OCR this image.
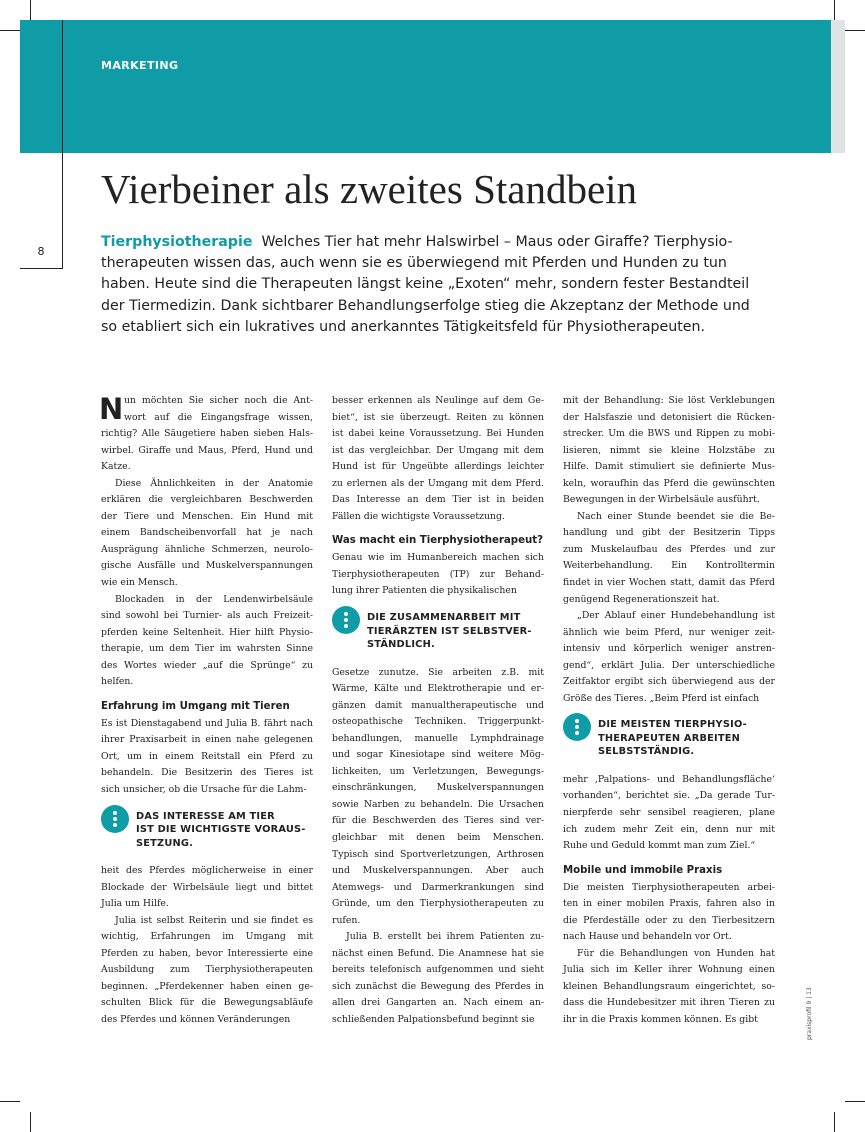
MARKETING
8
Vierbeiner als zweites Standbein
Tierphysiotherapie Welches Tier hat mehr Halswirbel – Maus oder Giraffe? Tierphysio-
therapeuten wissen das, auch wenn sie es überwiegend mit Pferden und Hunden zu tun
haben. Heute sind die Therapeuten längst keine „Exoten“ mehr, sondern fester Bestandteil
der Tiermedizin. Dank sichtbarer Behandlungserfolge stieg die Akzeptanz der Methode und
so etabliert sich ein lukratives und anerkanntes Tätigkeitsfeld für Physiotherapeuten.
N un möchten Sie sicher noch die Ant-
wort auf die Eingangsfrage wissen,
richtig? Alle Säugetiere haben sieben Hals-
wirbel. Giraffe und Maus, Pferd, Hund und
Katze.
Diese Ähnlichkeiten in der Anatomie
erklären die vergleichbaren Beschwerden
der Tiere und Menschen. Ein Hund mit
einem Bandscheibenvorfall hat je nach
Ausprägung ähnliche Schmerzen, neurolo-
gische Ausfälle und Muskelverspannungen
wie ein Mensch.
Blockaden in der Lendenwirbelsäule
sind sowohl bei Turnier- als auch Freizeit-
pferden keine Seltenheit. Hier hilft Physio-
therapie, um dem Tier im wahrsten Sinne
des Wortes wieder „auf die Sprünge“ zu
helfen.
Erfahrung im Umgang mit Tieren
Es ist Dienstagabend und Julia B. fährt nach
ihrer Praxisarbeit in einen nahe gelegenen
Ort, um in einem Reitstall ein Pferd zu
behandeln. Die Besitzerin des Tieres ist
sich unsicher, ob die Ursache für die Lahm-
DAS INTERESSE AM TIER
IST DIE WICHTIGSTE VORAUS-
SETZUNG.
heit des Pferdes möglicherweise in einer
Blockade der Wirbelsäule liegt und bittet
Julia um Hilfe.
Julia ist selbst Reiterin und sie findet es
wichtig, Erfahrungen im Umgang mit
Pferden zu haben, bevor Interessierte eine
Ausbildung zum Tierphysiotherapeuten
beginnen. „Pferdekenner haben einen ge-
schulten Blick für die Bewegungsabläufe
des Pferdes und können Veränderungen
besser erkennen als Neulinge auf dem Ge-
biet“, ist sie überzeugt. Reiten zu können
ist dabei keine Voraussetzung. Bei Hunden
ist das vergleichbar. Der Umgang mit dem
Hund ist für Ungeübte allerdings leichter
zu erlernen als der Umgang mit dem Pferd.
Das Interesse an dem Tier ist in beiden
Fällen die wichtigste Voraussetzung.
Was macht ein Tierphysiotherapeut?
Genau wie im Humanbereich machen sich
Tierphysiotherapeuten (TP) zur Behand-
lung ihrer Patienten die physikalischen
DIE ZUSAMMENARBEIT MIT
TIERÄRZTEN IST SELBSTVER-
STÄNDLICH.
Gesetze zunutze. Sie arbeiten z.B. mit
Wärme, Kälte und Elektrotherapie und er-
gänzen damit manualtherapeutische und
osteopathische Techniken. Triggerpunkt-
behandlungen, manuelle Lymphdrainage
und sogar Kinesiotape sind weitere Mög-
lichkeiten, um Verletzungen, Bewegungs-
einschränkungen, Muskelverspannungen
sowie Narben zu behandeln. Die Ursachen
für die Beschwerden des Tieres sind ver-
gleichbar mit denen beim Menschen.
Typisch sind Sportverletzungen, Arthrosen
und Muskelverspannungen. Aber auch
Atemwegs- und Darmerkrankungen sind
Gründe, um den Tierphysiotherapeuten zu
rufen.
Julia B. erstellt bei ihrem Patienten zu-
nächst einen Befund. Die Anamnese hat sie
bereits telefonisch aufgenommen und sieht
sich zunächst die Bewegung des Pferdes in
allen drei Gangarten an. Nach einem an-
schließenden Palpationsbefund beginnt sie
mit der Behandlung: Sie löst Verklebungen
der Halsfaszie und detonisiert die Rücken-
strecker. Um die BWS und Rippen zu mobi-
lisieren, nimmt sie kleine Holzstäbe zu
Hilfe. Damit stimuliert sie definierte Mus-
keln, woraufhin das Pferd die gewünschten
Bewegungen in der Wirbelsäule ausführt.
Nach einer Stunde beendet sie die Be-
handlung und gibt der Besitzerin Tipps
zum Muskelaufbau des Pferdes und zur
Weiterbehandlung. Ein Kontrolltermin
findet in vier Wochen statt, damit das Pferd
genügend Regenerationszeit hat.
„Der Ablauf einer Hundebehandlung ist
ähnlich wie beim Pferd, nur weniger zeit-
intensiv und körperlich weniger anstren-
gend“, erklärt Julia. Der unterschiedliche
Zeitfaktor ergibt sich überwiegend aus der
Größe des Tieres. „Beim Pferd ist einfach
DIE MEISTEN TIERPHYSIO-
THERAPEUTEN ARBEITEN
SELBSTSTÄNDIG.
mehr ‚Palpations- und Behandlungsfläche‘
vorhanden“, berichtet sie. „Da gerade Tur-
nierpferde sehr sensibel reagieren, plane
ich zudem mehr Zeit ein, denn nur mit
Ruhe und Geduld kommt man zum Ziel.“
Mobile und immobile Praxis
Die meisten Tierphysiotherapeuten arbei-
ten in einer mobilen Praxis, fahren also in
die Pferdeställe oder zu den Tierbesitzern
nach Hause und behandeln vor Ort.
Für die Behandlungen von Hunden hat
Julia sich im Keller ihrer Wohnung einen
kleinen Behandlungsraum eingerichtet, so-
dass die Hundebesitzer mit ihren Tieren zu
ihr in die Praxis kommen können. Es gibt	praxisproﬁl 9 | 13
